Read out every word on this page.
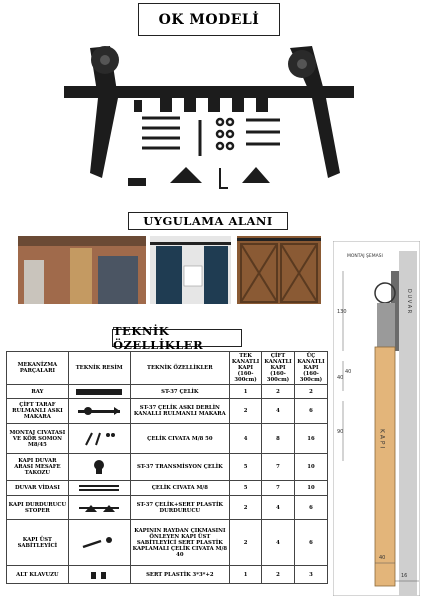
OK MODELİ
UYGULAMA ALANI
TEKNİK ÖZELLİKLER
MEKANİZMA PARÇALARI	TEKNİK RESİM	TEKNİK ÖZELLİKLER	TEK KANATLI KAPI (160-300cm)	ÇİFT KANATLI KAPI (160-300cm)	ÜÇ KANATLI KAPI (160-300cm)
RAY		ST-37 ÇELİK	1	2	2
ÇİFT TARAF RULMANLI ASKI MAKARA		ST-37 ÇELİK ASKI DERLİN KANALLI RULMANLI MAKARA	2	4	6
MONTAJ CIVATASI VE KÖR SOMON M8/45		ÇELİK CIVATA M/8 50	4	8	16
KAPI DUVAR ARASI MESAFE TAKOZU		ST-37 TRANSMİSYON ÇELİK	5	7	10
DUVAR VİDASI		ÇELİK CIVATA M/8	5	7	10
KAPI DURDURUCU STOPER		ST-37 ÇELİK+SERT PLASTİK DURDURUCU	2	4	6
KAPI ÜST SABİTLEYİCİ		KAPININ RAYDAN ÇIKMASINI ÖNLEYEN KAPI ÜST SABİTLEYİCİ SERT PLASTİK KAPLAMALI ÇELİK CIVATA M/8 40	2	4	6
ALT KLAVUZU		SERT PLASTİK 3*3*+2	1	2	3
D U V A R
MONTAJ ŞEMASI
K A P I
130
40
90
40
16
40
